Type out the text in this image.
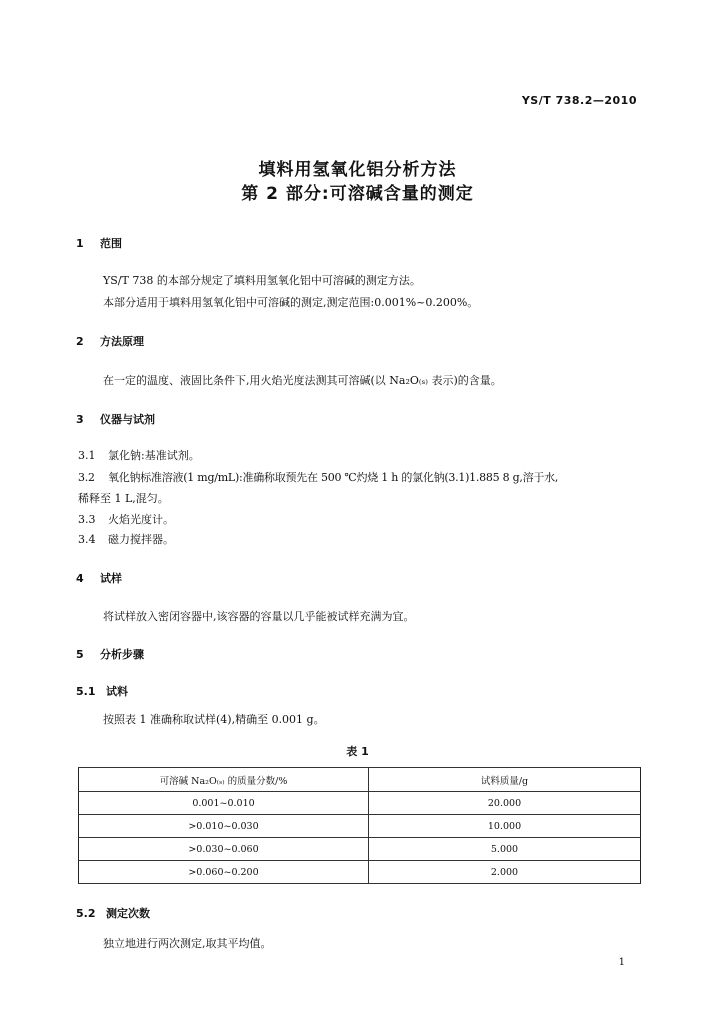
YS/T 738.2—2010
填料用氢氧化铝分析方法
第 2 部分:可溶碱含量的测定
1 范围
YS/T 738 的本部分规定了填料用氢氧化铝中可溶碱的测定方法。
本部分适用于填料用氢氧化铝中可溶碱的测定,测定范围:0.001%~0.200%。
2 方法原理
在一定的温度、液固比条件下,用火焰光度法测其可溶碱(以 Na₂O₍ₛ₎ 表示)的含量。
3 仪器与试剂
3.1 氯化钠:基准试剂。
3.2 氧化钠标准溶液(1 mg/mL):准确称取预先在 500 ℃灼烧 1 h 的氯化钠(3.1)1.885 8 g,溶于水,
稀释至 1 L,混匀。
3.3 火焰光度计。
3.4 磁力搅拌器。
4 试样
将试样放入密闭容器中,该容器的容量以几乎能被试样充满为宜。
5 分析步骤
5.1 试料
按照表 1 准确称取试样(4),精确至 0.001 g。
表 1
可溶碱 Na₂O₍ₛ₎ 的质量分数/%	试料质量/g
0.001~0.010	20.000
>0.010~0.030	10.000
>0.030~0.060	5.000
>0.060~0.200	2.000
5.2 测定次数
独立地进行两次测定,取其平均值。
1
